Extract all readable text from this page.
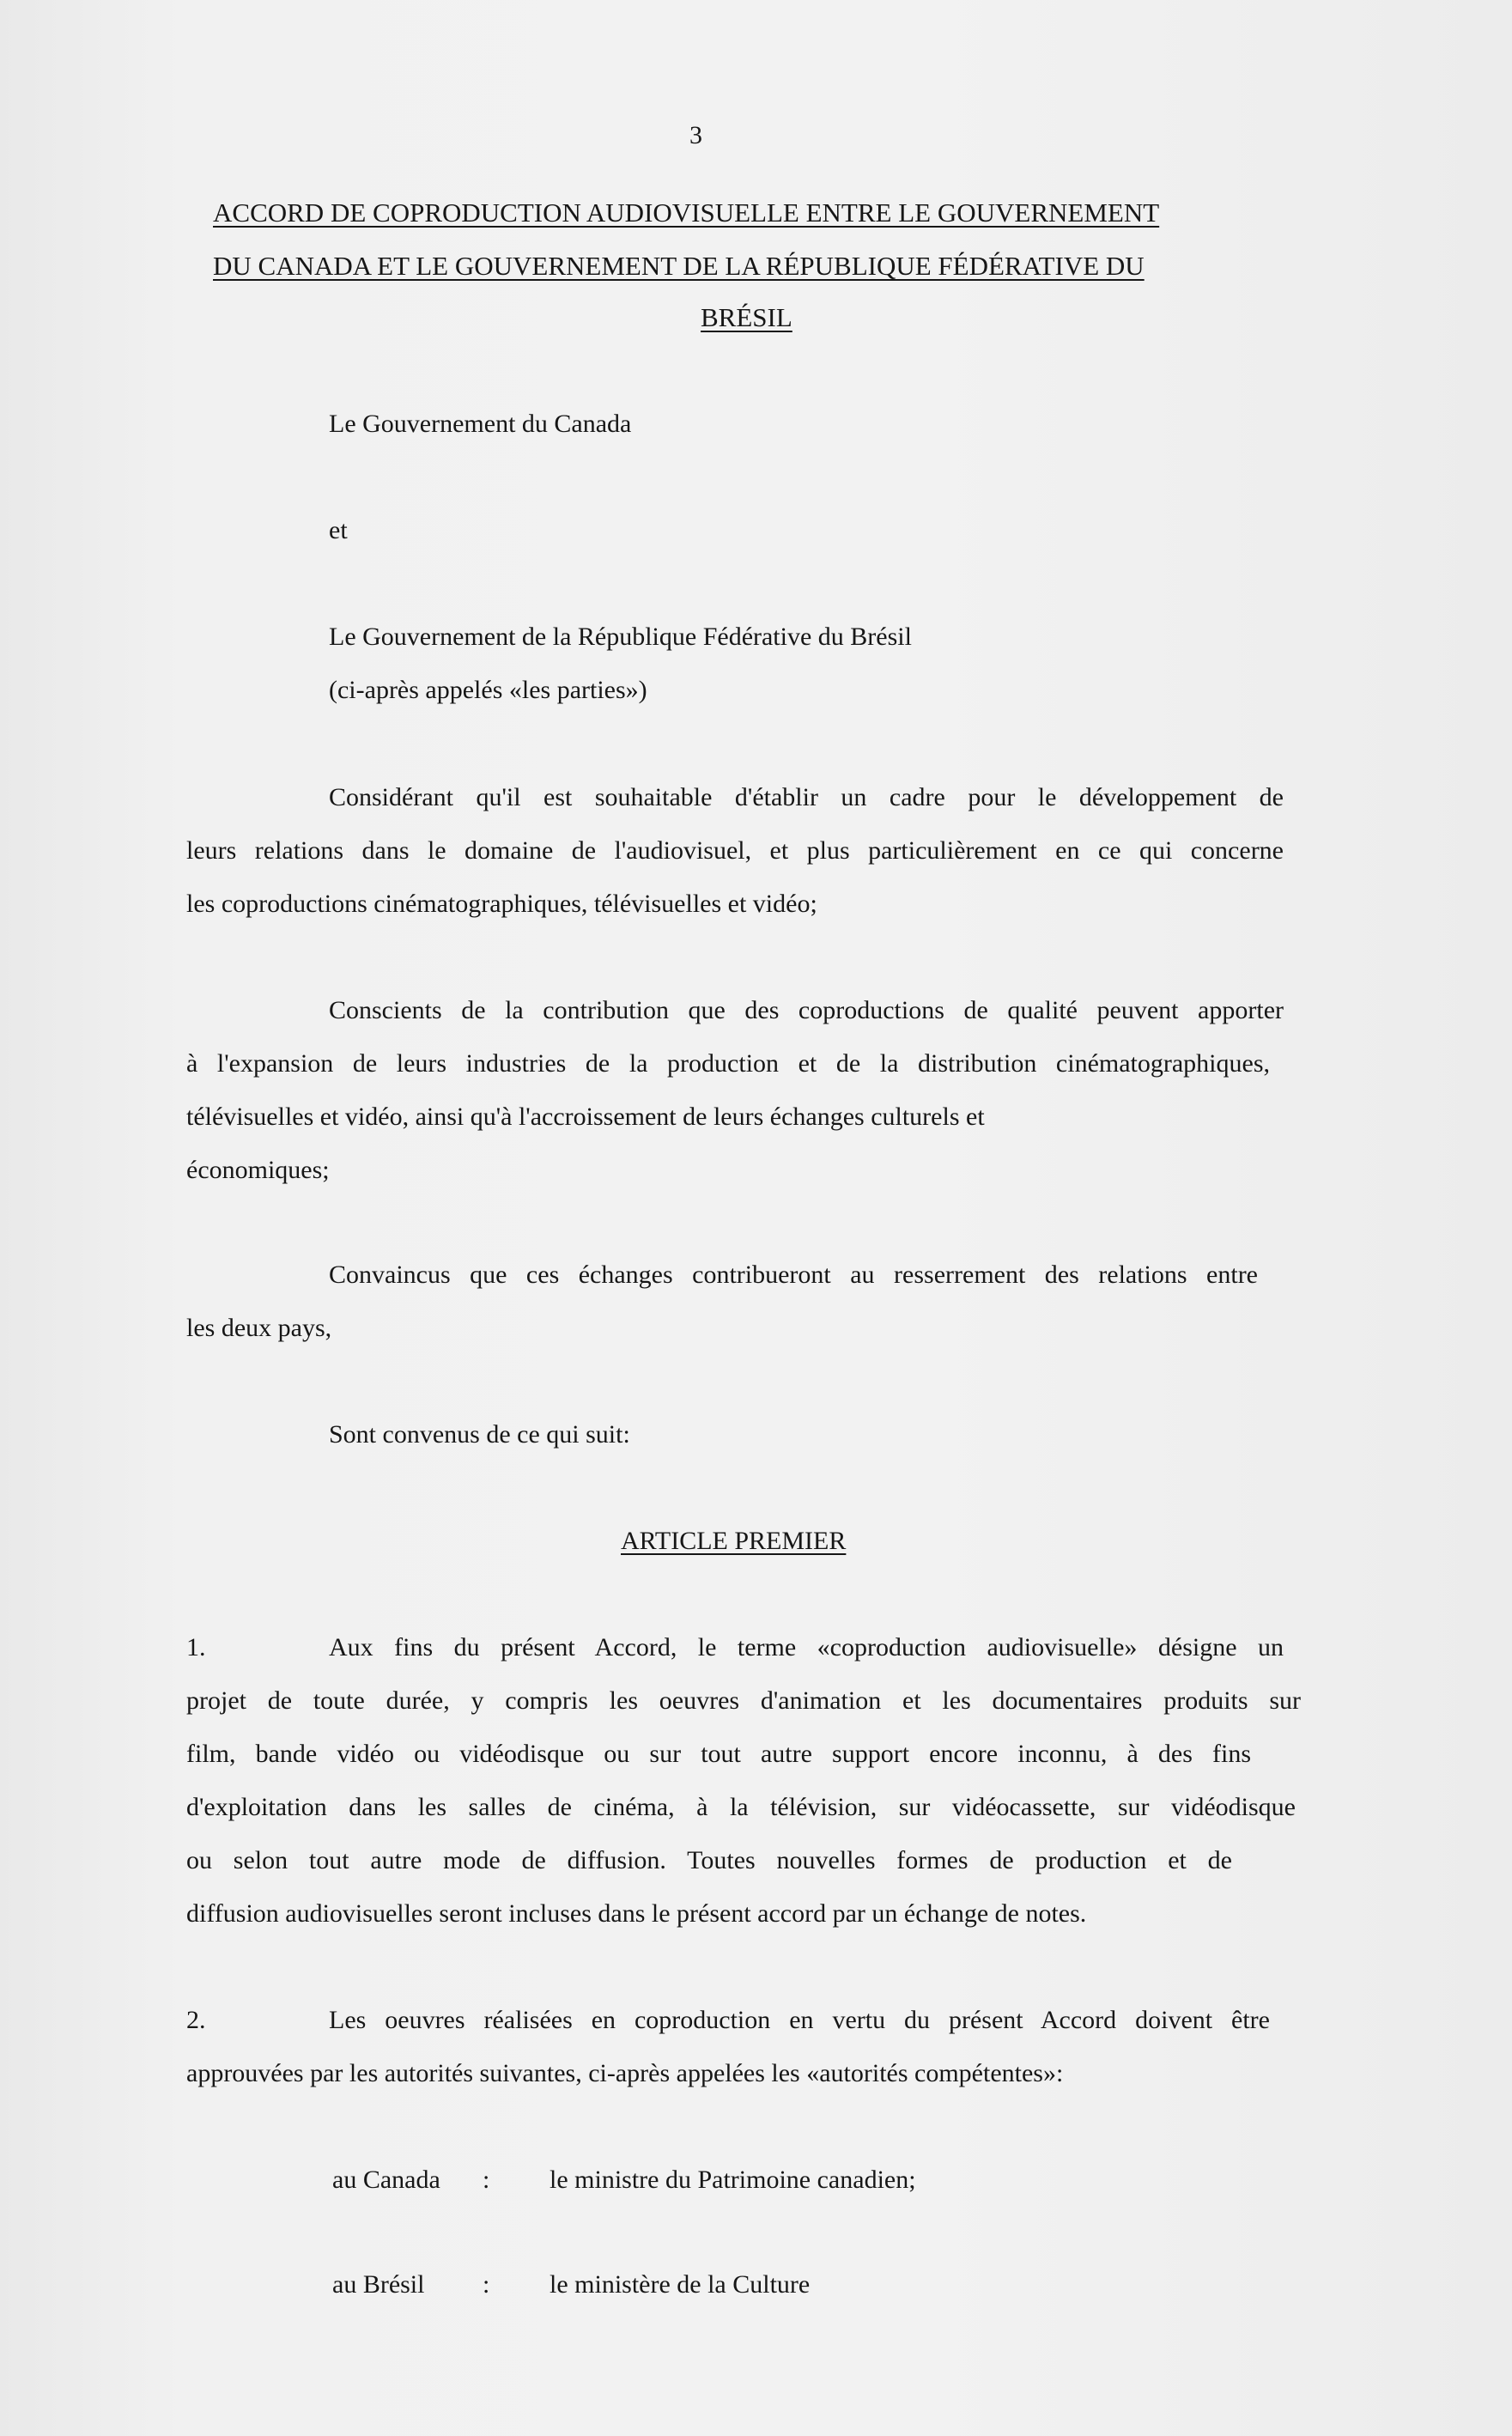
3
ACCORD DE COPRODUCTION AUDIOVISUELLE ENTRE LE GOUVERNEMENT
DU CANADA ET LE GOUVERNEMENT DE LA RÉPUBLIQUE FÉDÉRATIVE DU
BRÉSIL
Le Gouvernement du Canada
et
Le Gouvernement de la République Fédérative du Brésil
(ci-après appelés «les parties»)
Considérant qu'il est souhaitable d'établir un cadre pour le développement de
leurs relations dans le domaine de l'audiovisuel, et plus particulièrement en ce qui concerne
les coproductions cinématographiques, télévisuelles et vidéo;
Conscients de la contribution que des coproductions de qualité peuvent apporter
à l'expansion de leurs industries de la production et de la distribution cinématographiques,
télévisuelles et vidéo, ainsi qu'à l'accroissement de leurs échanges culturels et
économiques;
Convaincus que ces échanges contribueront au resserrement des relations entre
les deux pays,
Sont convenus de ce qui suit:
ARTICLE PREMIER
1.	Aux fins du présent Accord, le terme «coproduction audiovisuelle» désigne un
projet de toute durée, y compris les oeuvres d'animation et les documentaires produits sur
film, bande vidéo ou vidéodisque ou sur tout autre support encore inconnu, à des fins
d'exploitation dans les salles de cinéma, à la télévision, sur vidéocassette, sur vidéodisque
ou selon tout autre mode de diffusion. Toutes nouvelles formes de production et de
diffusion audiovisuelles seront incluses dans le présent accord par un échange de notes.
2.	Les oeuvres réalisées en coproduction en vertu du présent Accord doivent être
approuvées par les autorités suivantes, ci-après appelées les «autorités compétentes»:
au Canada : le ministre du Patrimoine canadien;
au Brésil : le ministère de la Culture
